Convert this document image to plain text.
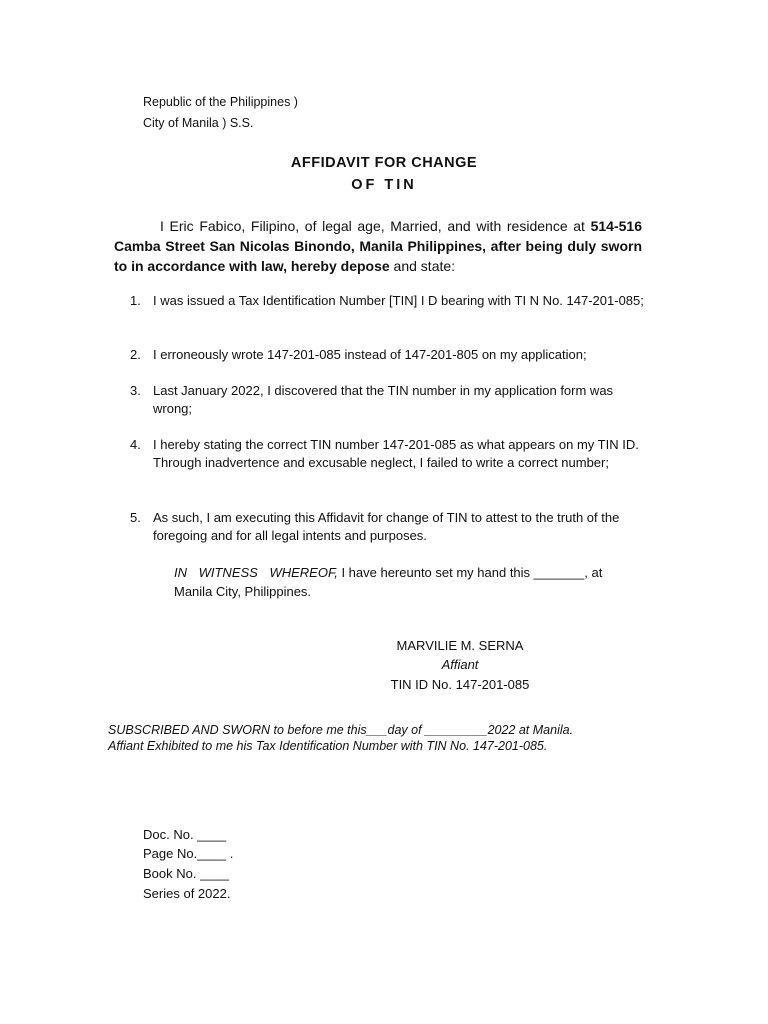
Republic of the Philippines )
City of Manila ) S.S.
AFFIDAVIT FOR CHANGE
OF TIN
I Eric Fabico, Filipino, of legal age, Married, and with residence at 514-516 Camba Street San Nicolas Binondo, Manila Philippines, after being duly sworn to in accordance with law, hereby depose and state:
1. I was issued a Tax Identification Number [TIN] I D bearing with TI N No. 147-201-085;
2. I erroneously wrote 147-201-085 instead of 147-201-805 on my application;
3. Last January 2022, I discovered that the TIN number in my application form was wrong;
4. I hereby stating the correct TIN number 147-201-085 as what appears on my TIN ID. Through inadvertence and excusable neglect, I failed to write a correct number;
5. As such, I am executing this Affidavit for change of TIN to attest to the truth of the foregoing and for all legal intents and purposes.
IN WITNESS WHEREOF, I have hereunto set my hand this _______, at Manila City, Philippines.
MARVILIE M. SERNA
Affiant
TIN ID No. 147-201-085
SUBSCRIBED AND SWORN to before me this___day of _________2022 at Manila.
Affiant Exhibited to me his Tax Identification Number with TIN No. 147-201-085.
Doc. No. ____
Page No.____ .
Book No. ____
Series of 2022.
